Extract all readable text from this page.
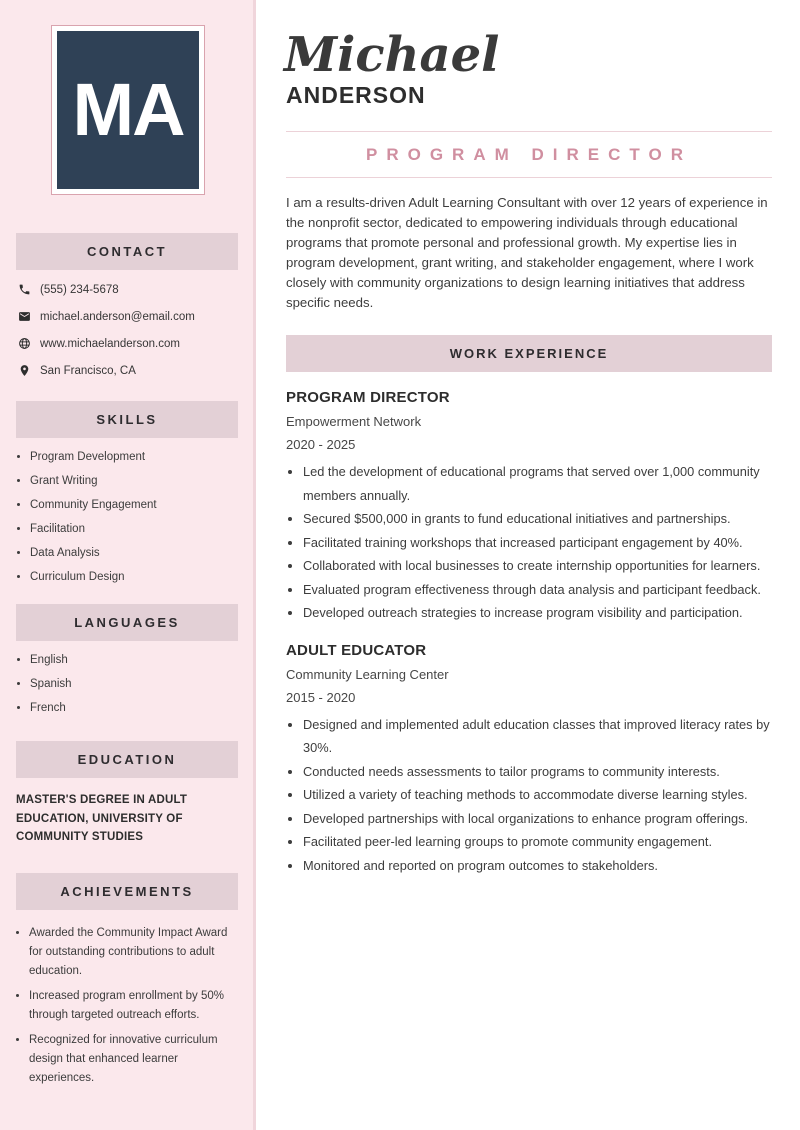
MA
CONTACT
(555) 234-5678
michael.anderson@email.com
www.michaelanderson.com
San Francisco, CA
SKILLS
• Program Development
• Grant Writing
• Community Engagement
• Facilitation
• Data Analysis
• Curriculum Design
LANGUAGES
• English
• Spanish
• French
EDUCATION

MASTER'S DEGREE IN ADULT EDUCATION, UNIVERSITY OF COMMUNITY STUDIES

ACHIEVEMENTS
• Awarded the Community Impact Award for outstanding contributions to adult education.
• Increased program enrollment by 50% through targeted outreach efforts.
• Recognized for innovative curriculum design that enhanced learner experiences.
Michael
ANDERSON
PROGRAM DIRECTOR

I am a results-driven Adult Learning Consultant with over 12 years of experience in the nonprofit sector, dedicated to empowering individuals through educational programs that promote personal and professional growth. My expertise lies in program development, grant writing, and stakeholder engagement, where I work closely with community organizations to design learning initiatives that address specific needs.

WORK EXPERIENCE
PROGRAM DIRECTOR

Empowerment Network

2020 - 2025

• Led the development of educational programs that served over 1,000 community members annually.
• Secured $500,000 in grants to fund educational initiatives and partnerships.
• Facilitated training workshops that increased participant engagement by 40%.
• Collaborated with local businesses to create internship opportunities for learners.
• Evaluated program effectiveness through data analysis and participant feedback.
• Developed outreach strategies to increase program visibility and participation.
ADULT EDUCATOR

Community Learning Center

2015 - 2020

• Designed and implemented adult education classes that improved literacy rates by 30%.
• Conducted needs assessments to tailor programs to community interests.
• Utilized a variety of teaching methods to accommodate diverse learning styles.
• Developed partnerships with local organizations to enhance program offerings.
• Facilitated peer-led learning groups to promote community engagement.
• Monitored and reported on program outcomes to stakeholders.
